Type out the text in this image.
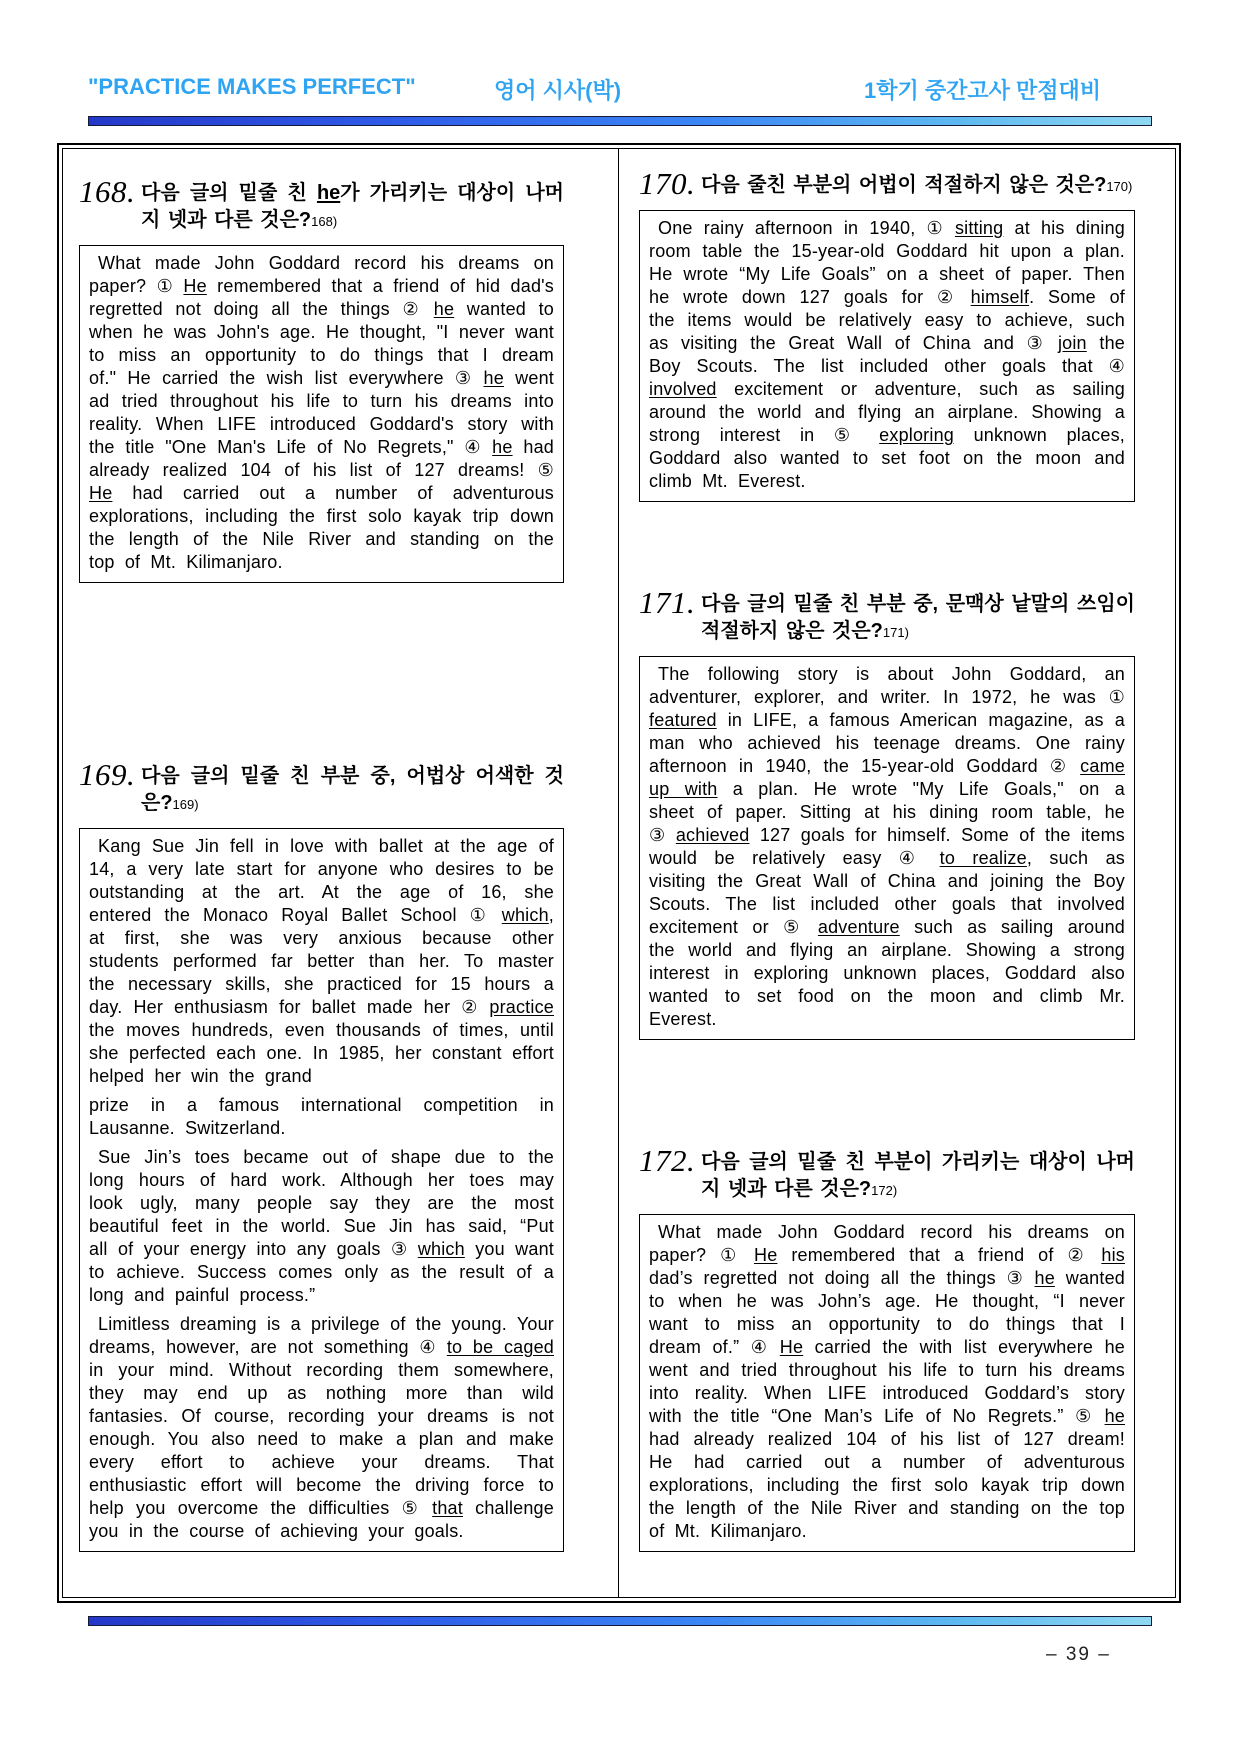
"PRACTICE MAKES PERFECT"	영어 시사(박)	1학기 중간고사 만점대비
168. 다음 글의 밑줄 친 he가 가리키는 대상이 나머지 넷과 다른 것은?168)

What made John Goddard record his dreams on paper? ① He remembered that a friend of hid dad's regretted not doing all the things ② he wanted to when he was John's age. He thought, "I never want to miss an opportunity to do things that I dream of." He carried the wish list everywhere ③ he went ad tried throughout his life to turn his dreams into reality. When LIFE introduced Goddard's story with the title "One Man's Life of No Regrets," ④ he had already realized 104 of his list of 127 dreams! ⑤ He had carried out a number of adventurous explorations, including the first solo kayak trip down the length of the Nile River and standing on the top of Mt. Kilimanjaro.

169. 다음 글의 밑줄 친 부분 중, 어법상 어색한 것은?169)

Kang Sue Jin fell in love with ballet at the age of 14, a very late start for anyone who desires to be outstanding at the art. At the age of 16, she entered the Monaco Royal Ballet School ① which, at first, she was very anxious because other students performed far better than her. To master the necessary skills, she practiced for 15 hours a day. Her enthusiasm for ballet made her ② practice the moves hundreds, even thousands of times, until she perfected each one. In 1985, her constant effort helped her win the grand

prize in a famous international competition in Lausanne. Switzerland.

Sue Jin’s toes became out of shape due to the long hours of hard work. Although her toes may look ugly, many people say they are the most beautiful feet in the world. Sue Jin has said, “Put all of your energy into any goals ③ which you want to achieve. Success comes only as the result of a long and painful process.”

Limitless dreaming is a privilege of the young. Your dreams, however, are not something ④ to be caged in your mind. Without recording them somewhere, they may end up as nothing more than wild fantasies. Of course, recording your dreams is not enough. You also need to make a plan and make every effort to achieve your dreams. That enthusiastic effort will become the driving force to help you overcome the difficulties ⑤ that challenge you in the course of achieving your goals.

170. 다음 줄친 부분의 어법이 적절하지 않은 것은?170)

One rainy afternoon in 1940, ① sitting at his dining room table the 15-year-old Goddard hit upon a plan. He wrote “My Life Goals” on a sheet of paper. Then he wrote down 127 goals for ② himself. Some of the items would be relatively easy to achieve, such as visiting the Great Wall of China and ③ join the Boy Scouts. The list included other goals that ④ involved excitement or adventure, such as sailing around the world and flying an airplane. Showing a strong interest in ⑤ exploring unknown places, Goddard also wanted to set foot on the moon and climb Mt. Everest.

171. 다음 글의 밑줄 친 부분 중, 문맥상 낱말의 쓰임이 적절하지 않은 것은?171)

The following story is about John Goddard, an adventurer, explorer, and writer. In 1972, he was ① featured in LIFE, a famous American magazine, as a man who achieved his teenage dreams. One rainy afternoon in 1940, the 15-year-old Goddard ② came up with a plan. He wrote "My Life Goals," on a sheet of paper. Sitting at his dining room table, he ③ achieved 127 goals for himself. Some of the items would be relatively easy ④ to realize, such as visiting the Great Wall of China and joining the Boy Scouts. The list included other goals that involved excitement or ⑤ adventure such as sailing around the world and flying an airplane. Showing a strong interest in exploring unknown places, Goddard also wanted to set food on the moon and climb Mr. Everest.

172. 다음 글의 밑줄 친 부분이 가리키는 대상이 나머지 넷과 다른 것은?172)

What made John Goddard record his dreams on paper? ① He remembered that a friend of ② his dad’s regretted not doing all the things ③ he wanted to when he was John’s age. He thought, “I never want to miss an opportunity to do things that I dream of.” ④ He carried the with list everywhere he went and tried throughout his life to turn his dreams into reality. When LIFE introduced Goddard’s story with the title “One Man’s Life of No Regrets.” ⑤ he had already realized 104 of his list of 127 dream! He had carried out a number of adventurous explorations, including the first solo kayak trip down the length of the Nile River and standing on the top of Mt. Kilimanjaro.

– 39 –
